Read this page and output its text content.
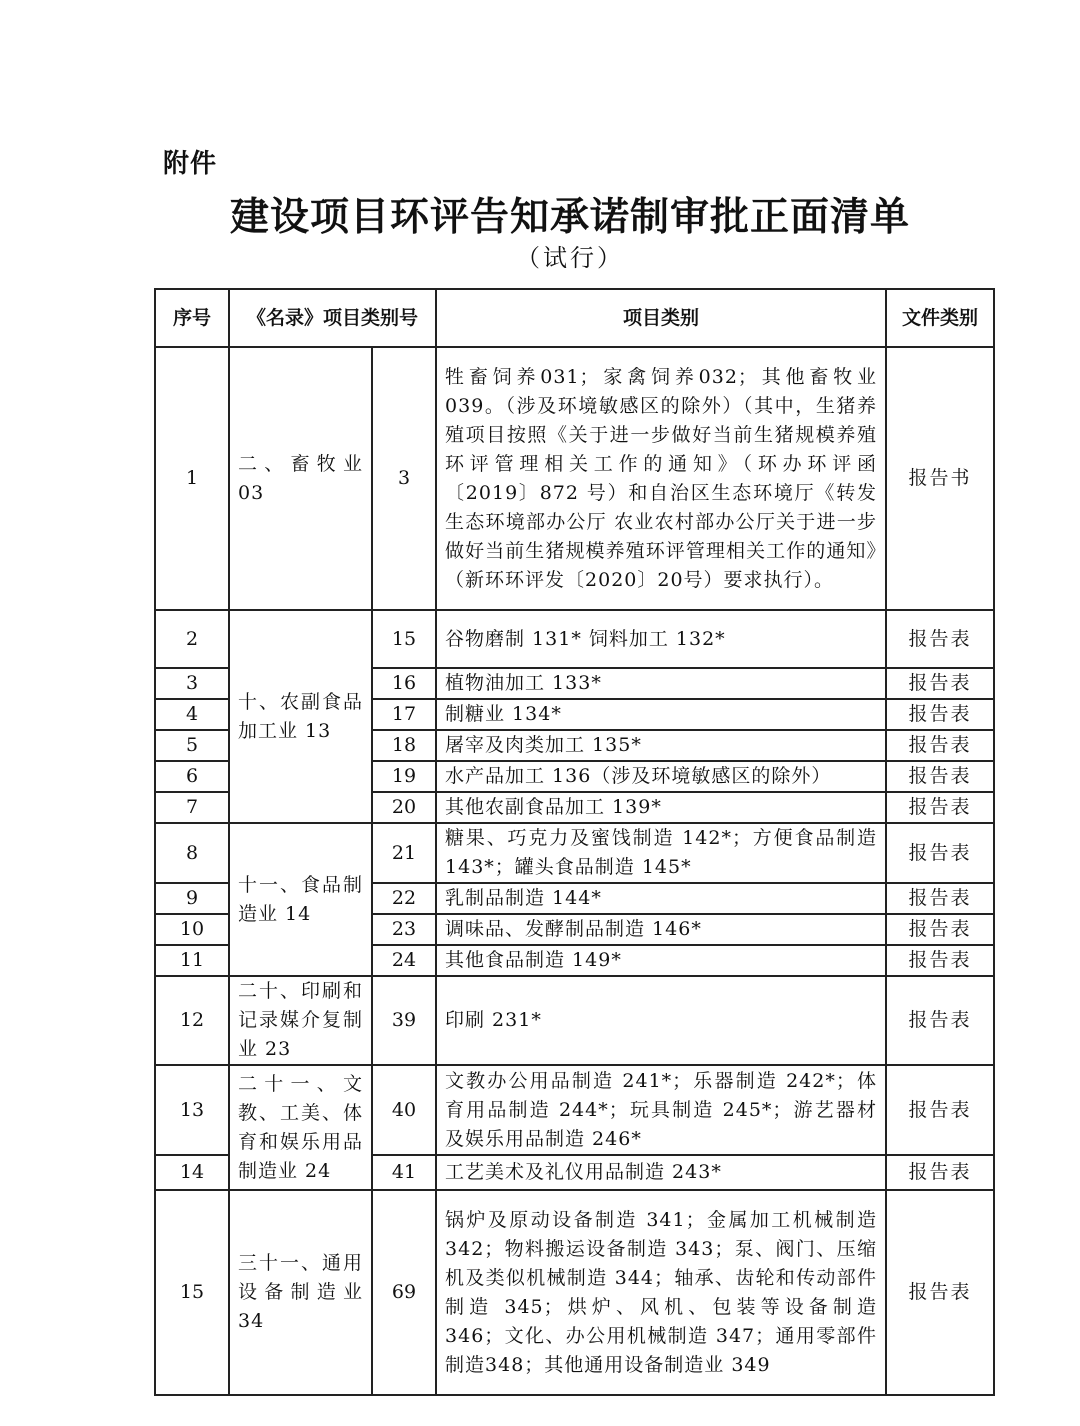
附件
建设项目环评告知承诺制审批正面清单
（试行）
序号	《名录》项目类别号		项目类别	文件类别
1	二、畜牧业03	3	牲畜饲养031；家禽饲养032；其他畜牧业039。（涉及环境敏感区的除外）（其中，生猪养殖项目按照《关于进一步做好当前生猪规模养殖环评管理相关工作的通知》（环办环评函〔2019〕872 号）和自治区生态环境厅《转发生态环境部办公厅 农业农村部办公厅关于进一步做好当前生猪规模养殖环评管理相关工作的通知》（新环环评发〔2020〕20号）要求执行）。	报告书
2	十、农副食品加工业 13	15	谷物磨制 131* 饲料加工 132*	报告表
3		16	植物油加工 133*	报告表
4		17	制糖业 134*	报告表
5		18	屠宰及肉类加工 135*	报告表
6		19	水产品加工 136（涉及环境敏感区的除外）	报告表
7		20	其他农副食品加工 139*	报告表
8	十一、食品制造业 14	21	糖果、巧克力及蜜饯制造 142*；方便食品制造 143*；罐头食品制造 145*	报告表
9		22	乳制品制造 144*	报告表
10		23	调味品、发酵制品制造 146*	报告表
11		24	其他食品制造 149*	报告表
12	二十、印刷和记录媒介复制业 23	39	印刷 231*	报告表
13	二十一、文教、工美、体育和娱乐用品制造业 24	40	文教办公用品制造 241*；乐器制造 242*；体育用品制造 244*；玩具制造 245*；游艺器材及娱乐用品制造 246*	报告表
14		41	工艺美术及礼仪用品制造 243*	报告表
15	三十一、通用设备制造业34	69	锅炉及原动设备制造 341；金属加工机械制造342；物料搬运设备制造 343；泵、阀门、压缩机及类似机械制造 344；轴承、齿轮和传动部件制造 345；烘炉、风机、包装等设备制造 346；文化、办公用机械制造 347；通用零部件制造348；其他通用设备制造业 349	报告表
